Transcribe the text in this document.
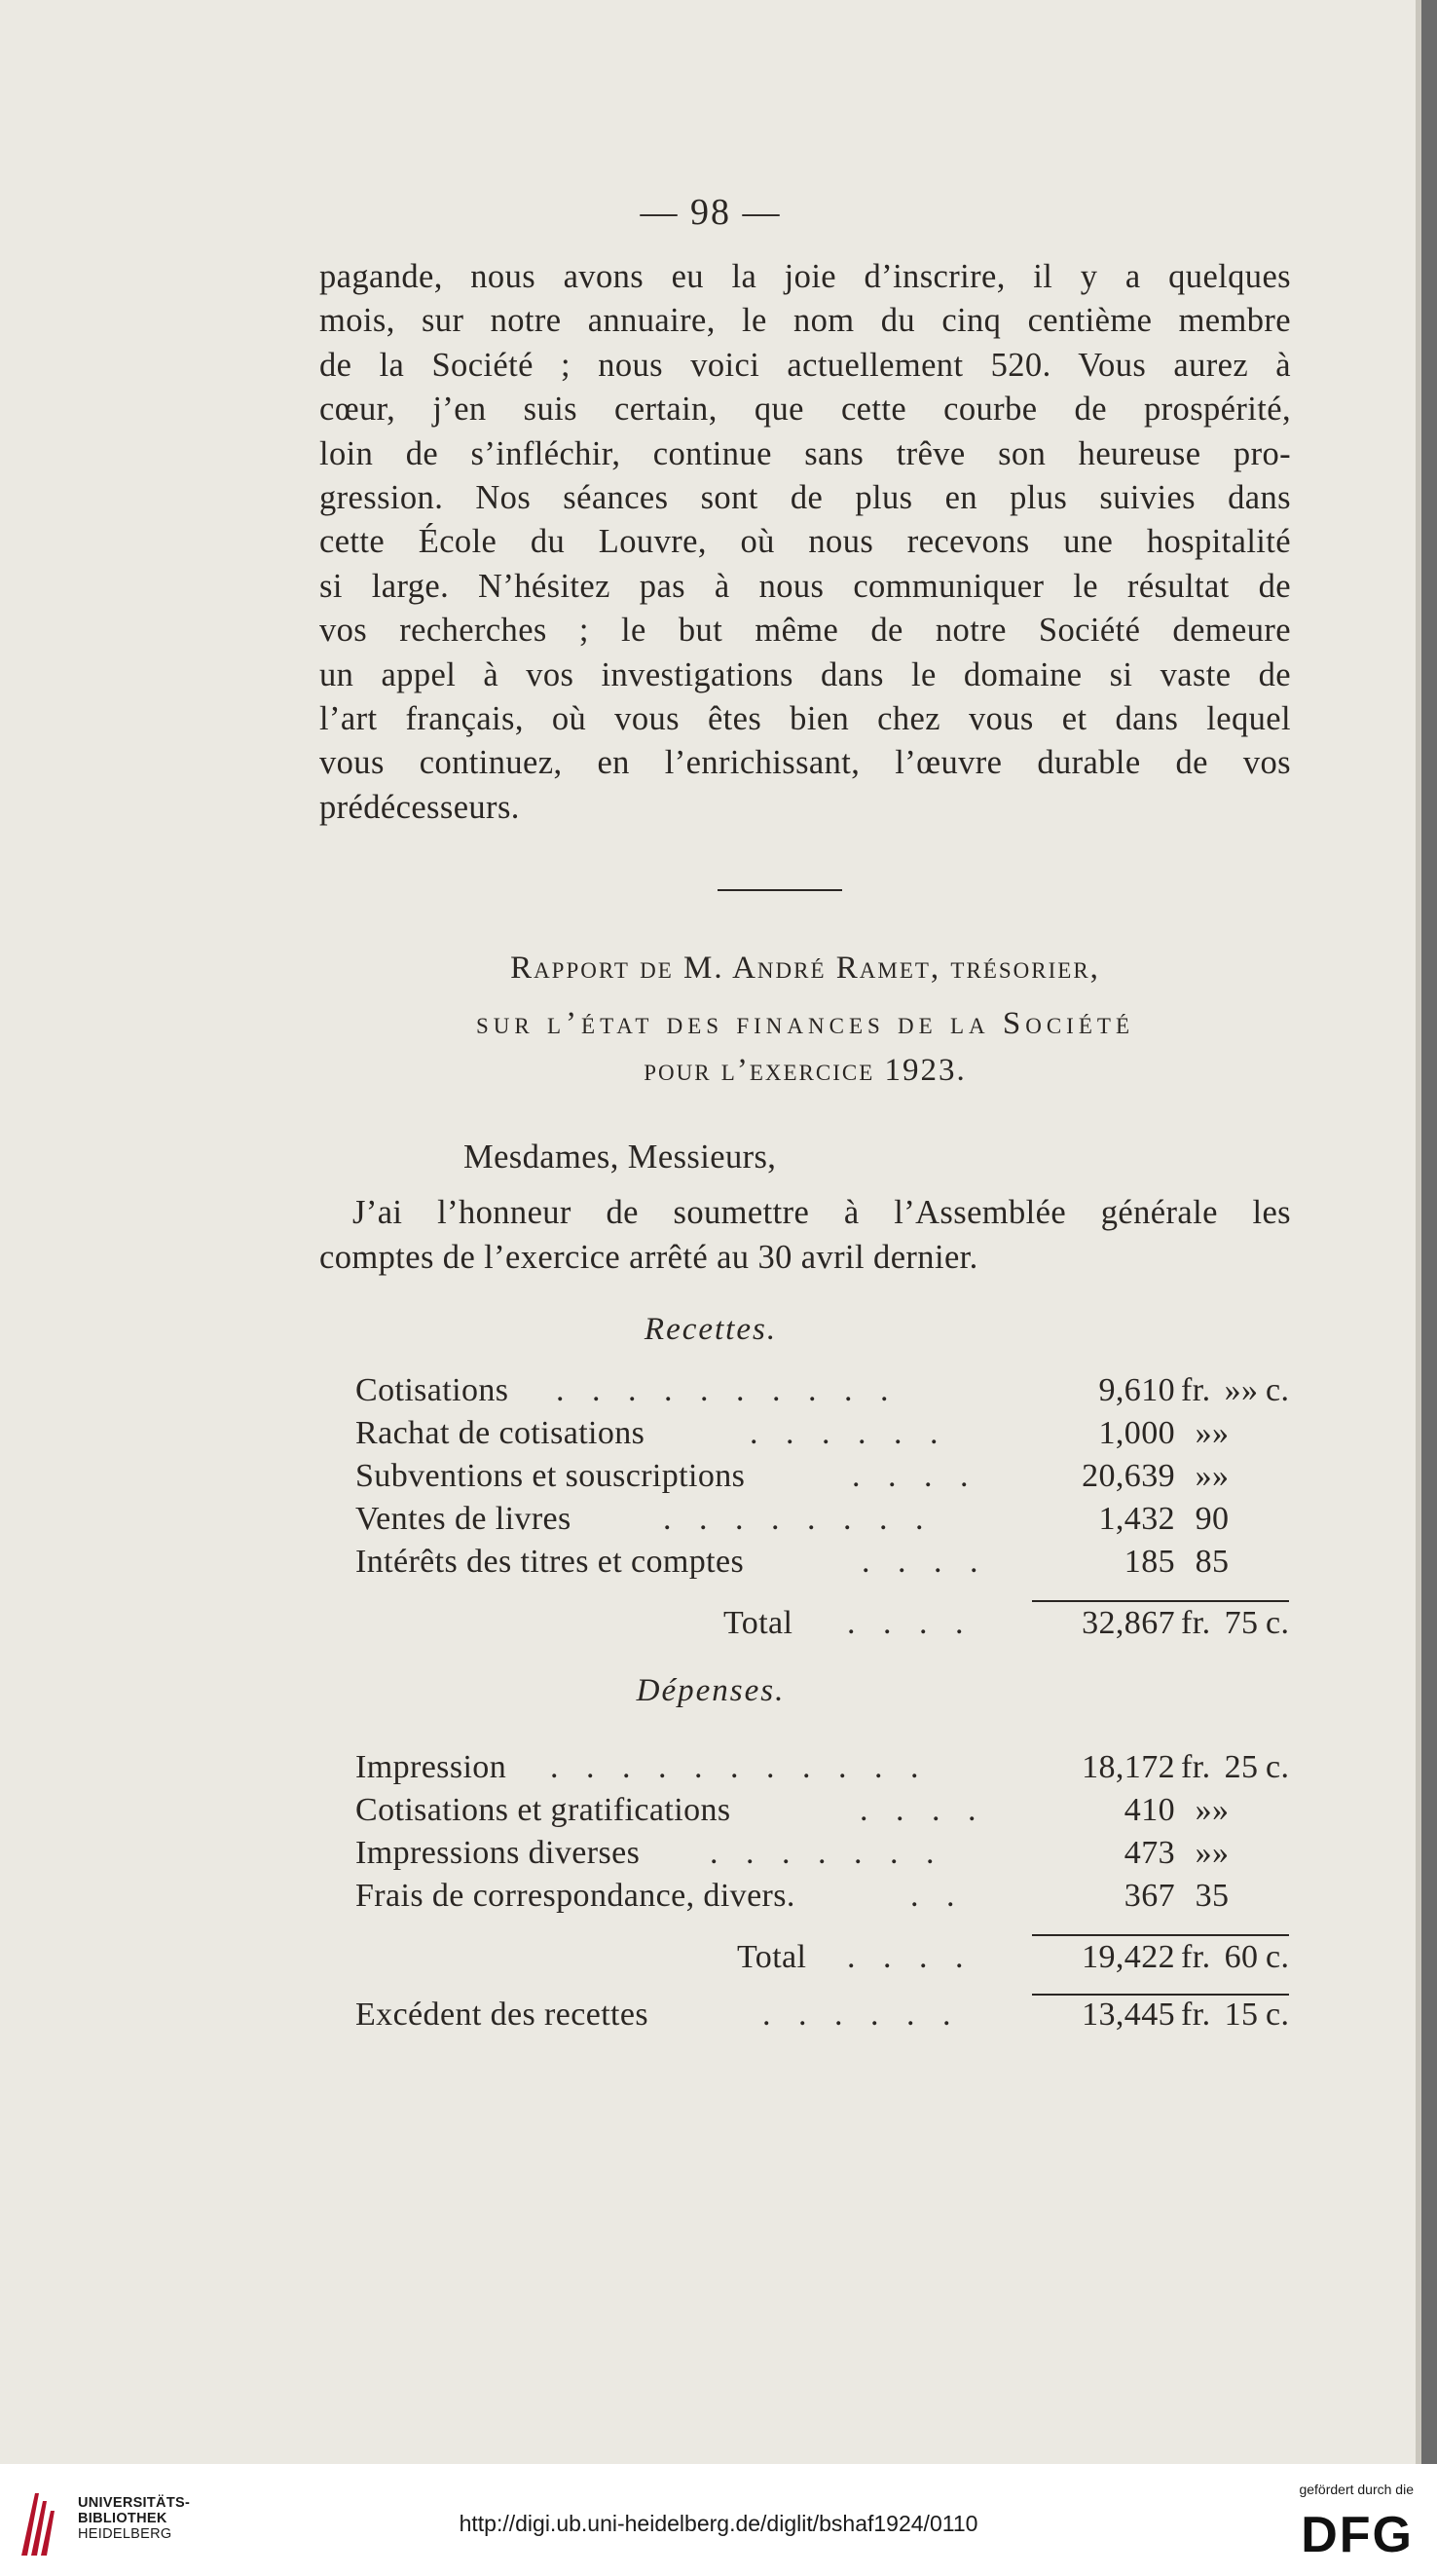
— 98 —
pagande, nous avons eu la joie d’inscrire, il y a quelques
mois, sur notre annuaire, le nom du cinq centième membre
de la Société ; nous voici actuellement 520. Vous aurez à
cœur, j’en suis certain, que cette courbe de prospérité,
loin de s’infléchir, continue sans trêve son heureuse pro-
gression. Nos séances sont de plus en plus suivies dans
cette École du Louvre, où nous recevons une hospitalité
si large. N’hésitez pas à nous communiquer le résultat de
vos recherches ; le but même de notre Société demeure
un appel à vos investigations dans le domaine si vaste de
l’art français, où vous êtes bien chez vous et dans lequel
vous continuez, en l’enrichissant, l’œuvre durable de vos
prédécesseurs.
Rapport de M. André Ramet, trésorier,
sur l’état des finances de la Société
pour l’exercice 1923.
Mesdames, Messieurs,
J’ai l’honneur de soumettre à l’Assemblée générale les
comptes de l’exercice arrêté au 30 avril dernier.
Recettes.
Cotisations . . . . . . . . . .	9,610 fr. »» c.
Rachat de cotisations	. . . . . .	1,000 »»
Subventions et souscriptions	. . . .	20,639 »»
Ventes de livres	. . . . . . . .	1,432 90
Intérêts des titres et comptes	. . . .	185 85
Total . . . .	32,867 fr. 75 c.
Dépenses.
Impression . . . . . . . . . . .	18,172 fr. 25 c.
Cotisations et gratifications	. . . .	410 »»
Impressions diverses . . . . . . .	473 »»
Frais de correspondance, divers.	. .	367 35
Total . . . .	19,422 fr. 60 c.
Excédent des recettes	. . . . . .	13,445 fr. 15 c.
UNIVERSITÄTS-
BIBLIOTHEK
HEIDELBERG	http://digi.ub.uni-heidelberg.de/diglit/bshaf1924/0110
gefördert durch die
DFG
